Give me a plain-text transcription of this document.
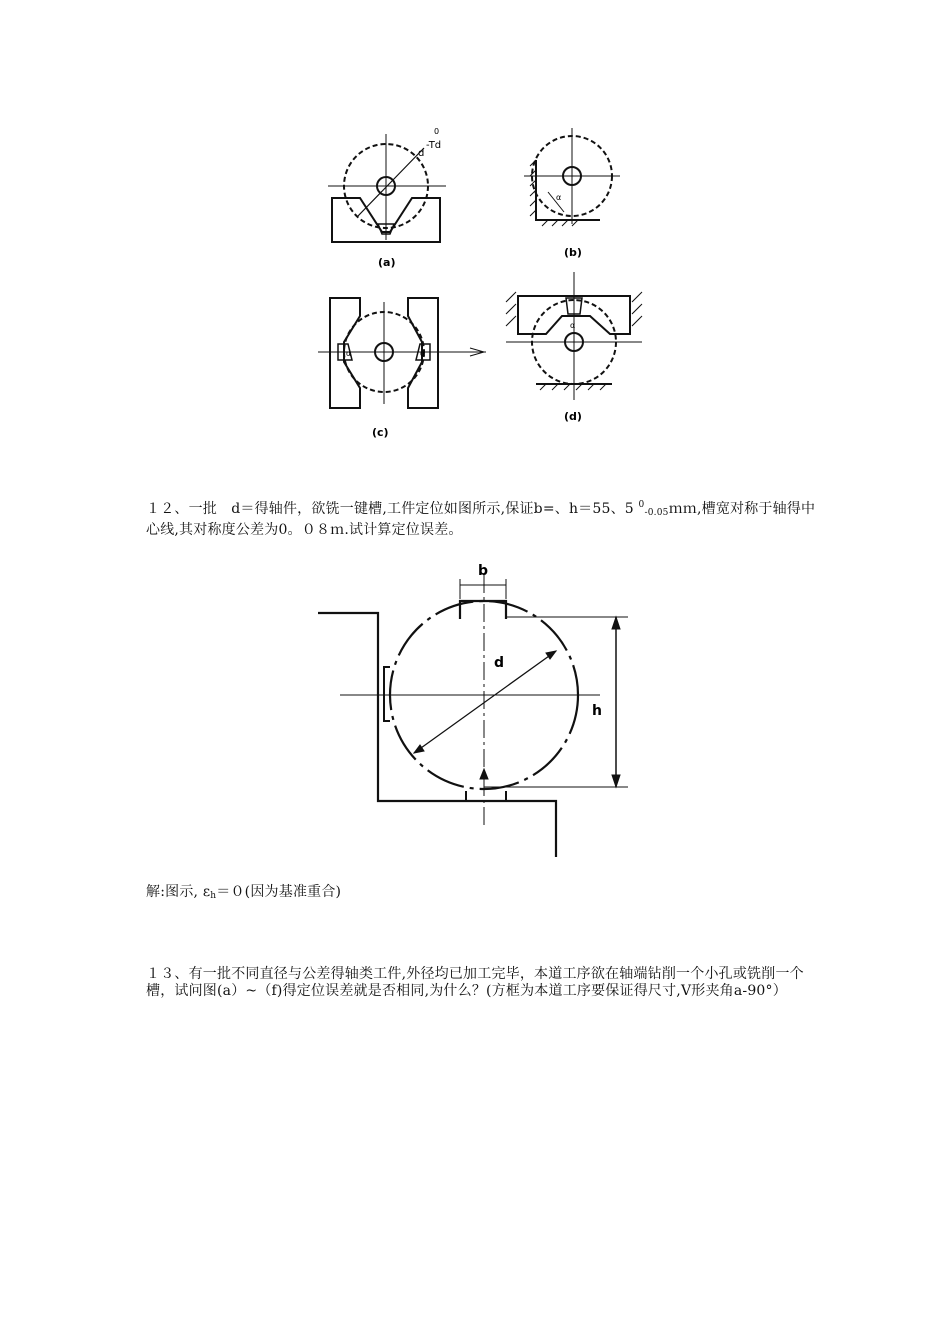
(a)
(b)
(c)
(d)
d
-Td
0
α
α	α
α

１２、一批　d＝得轴件，欲铣一键槽,工件定位如图所示,保证b=、h＝55、5 $^0_{-0.05}$ｍｍ,槽宽对称于轴得中心线,其对称度公差为0。０８ｍ.试计算定位误差。

b
d
h

解:图示, $\varepsilon_h=0$(因为基准重合)

１３、有一批不同直径与公差得轴类工件,外径均已加工完毕，本道工序欲在轴端钻削一个小孔或铣削一个槽，试问图(a）~（f)得定位误差就是否相同,为什么？(方框为本道工序要保证得尺寸,V形夹角a-90°）
